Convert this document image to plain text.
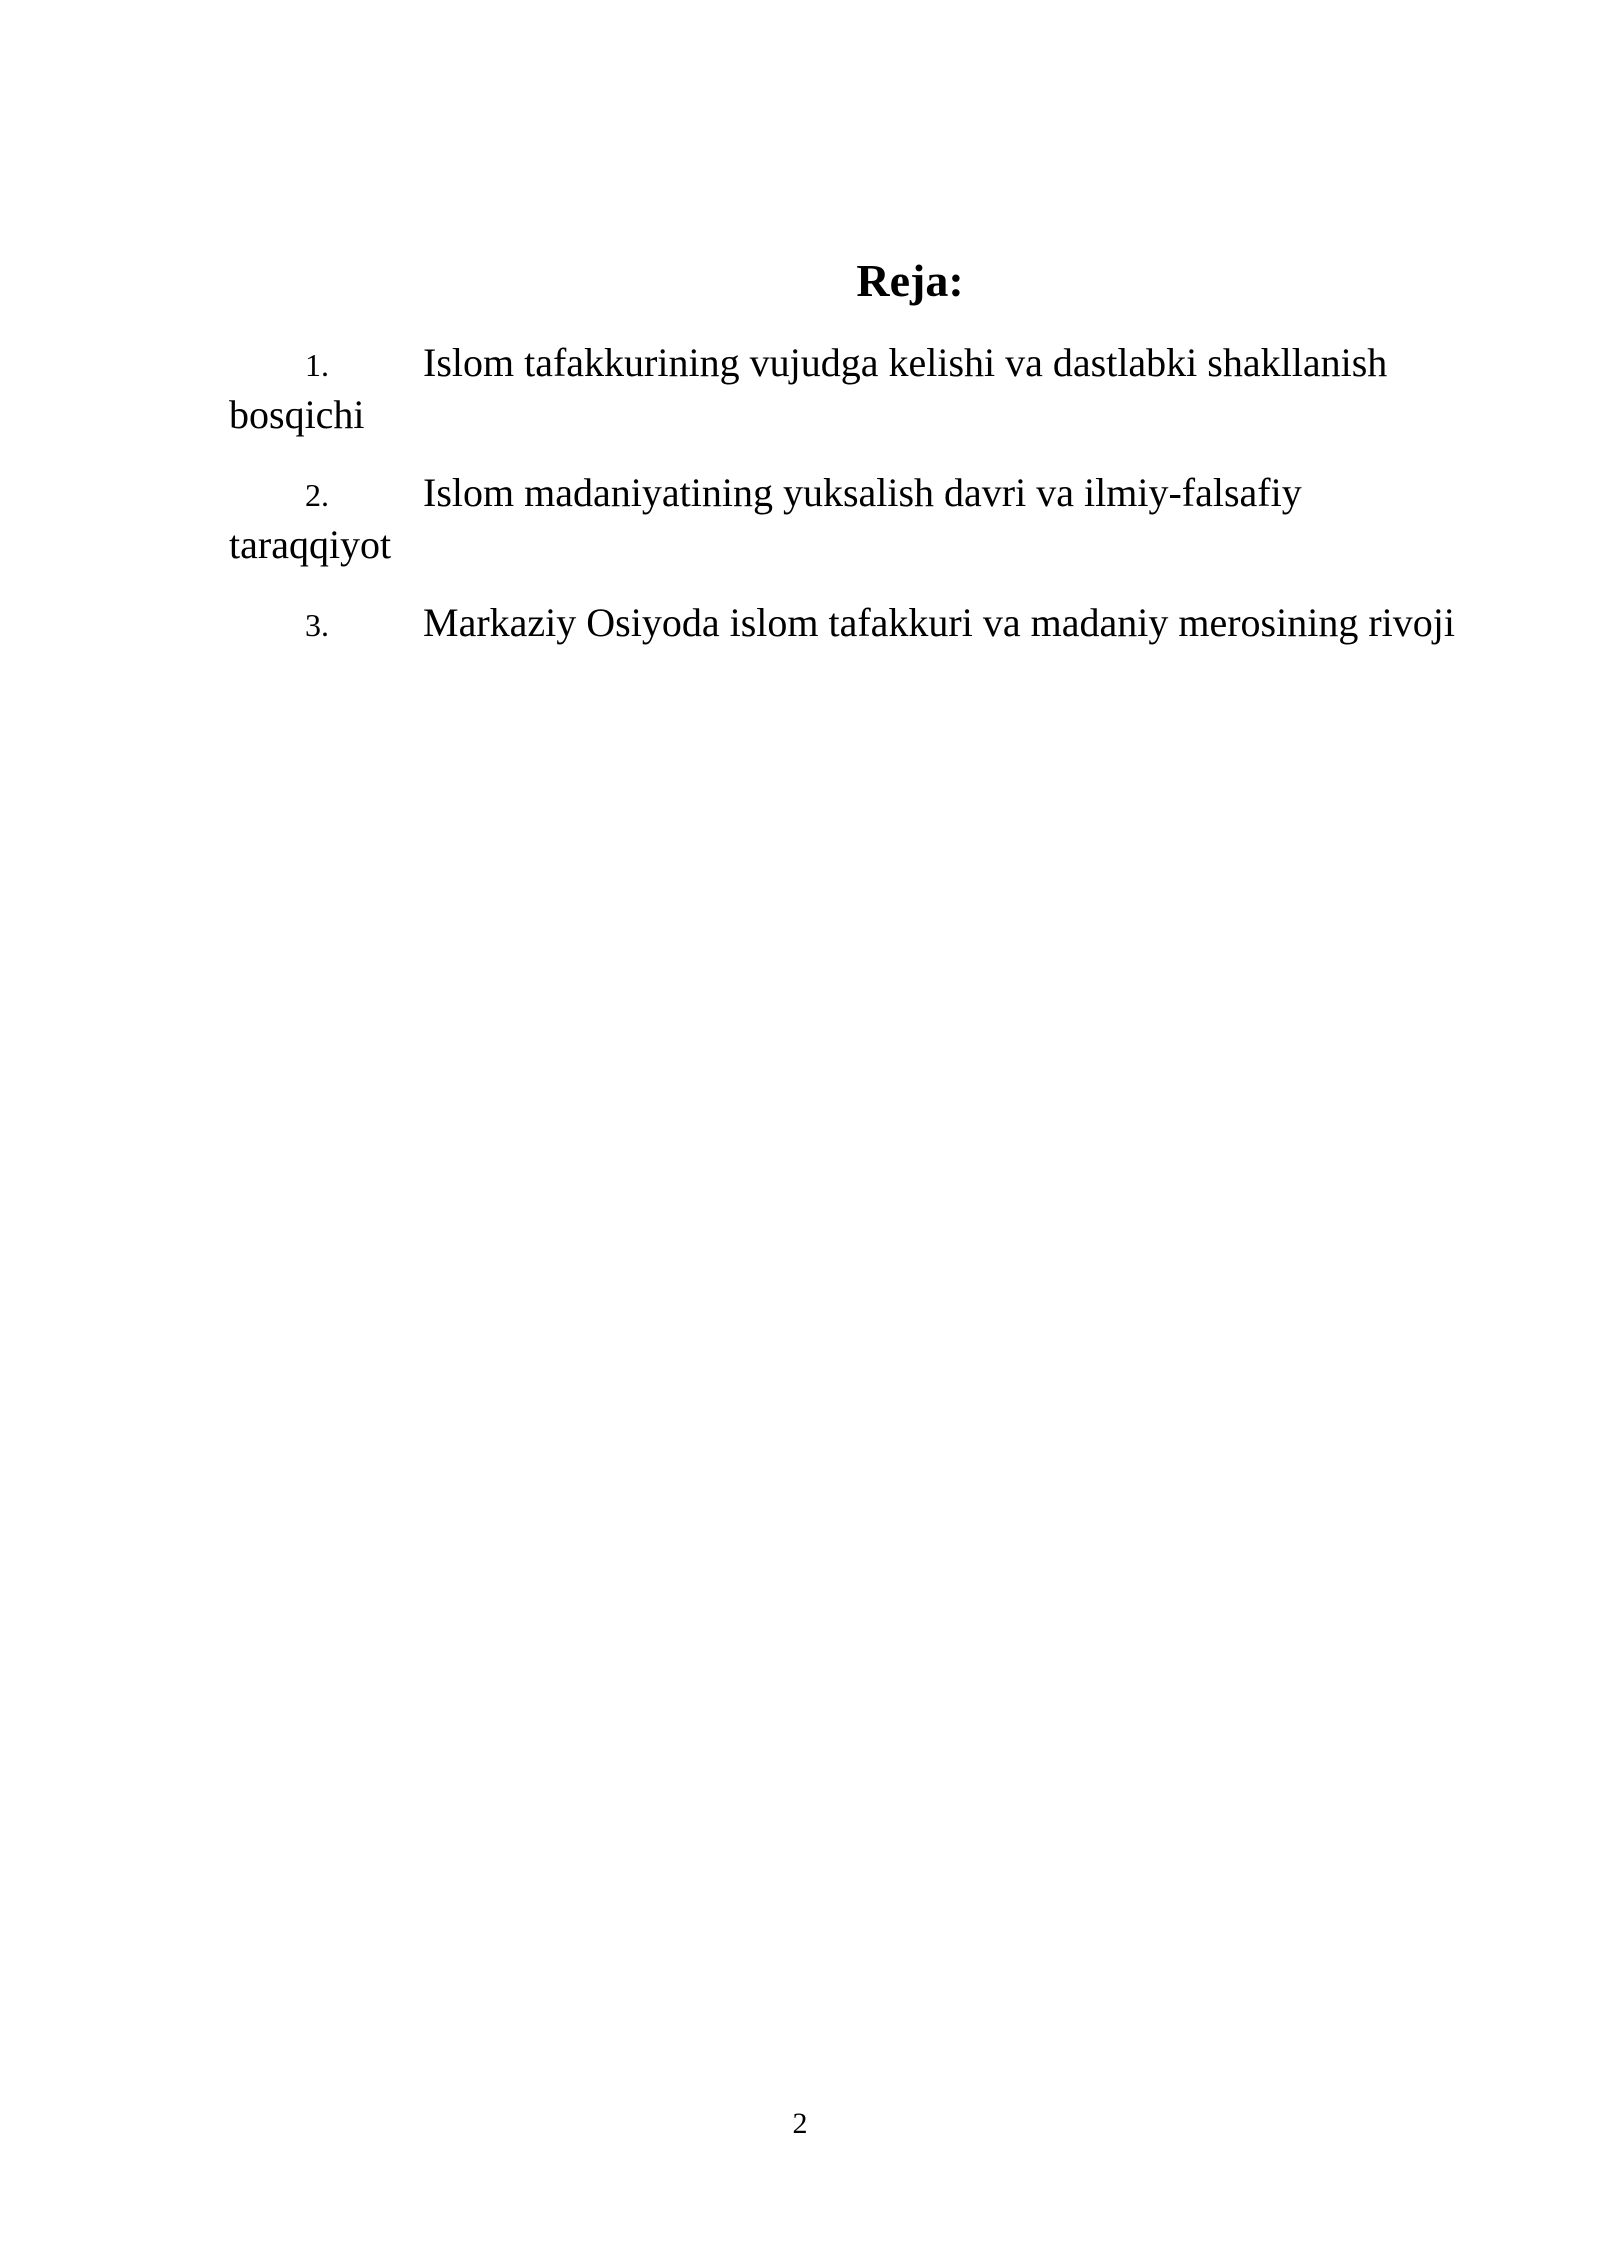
Reja:
1. Islom tafakkurining vujudga kelishi va dastlabki shakllanish bosqichi
2. Islom madaniyatining yuksalish davri va ilmiy-falsafiy taraqqiyot
3. Markaziy Osiyoda islom tafakkuri va madaniy merosining rivoji
2
